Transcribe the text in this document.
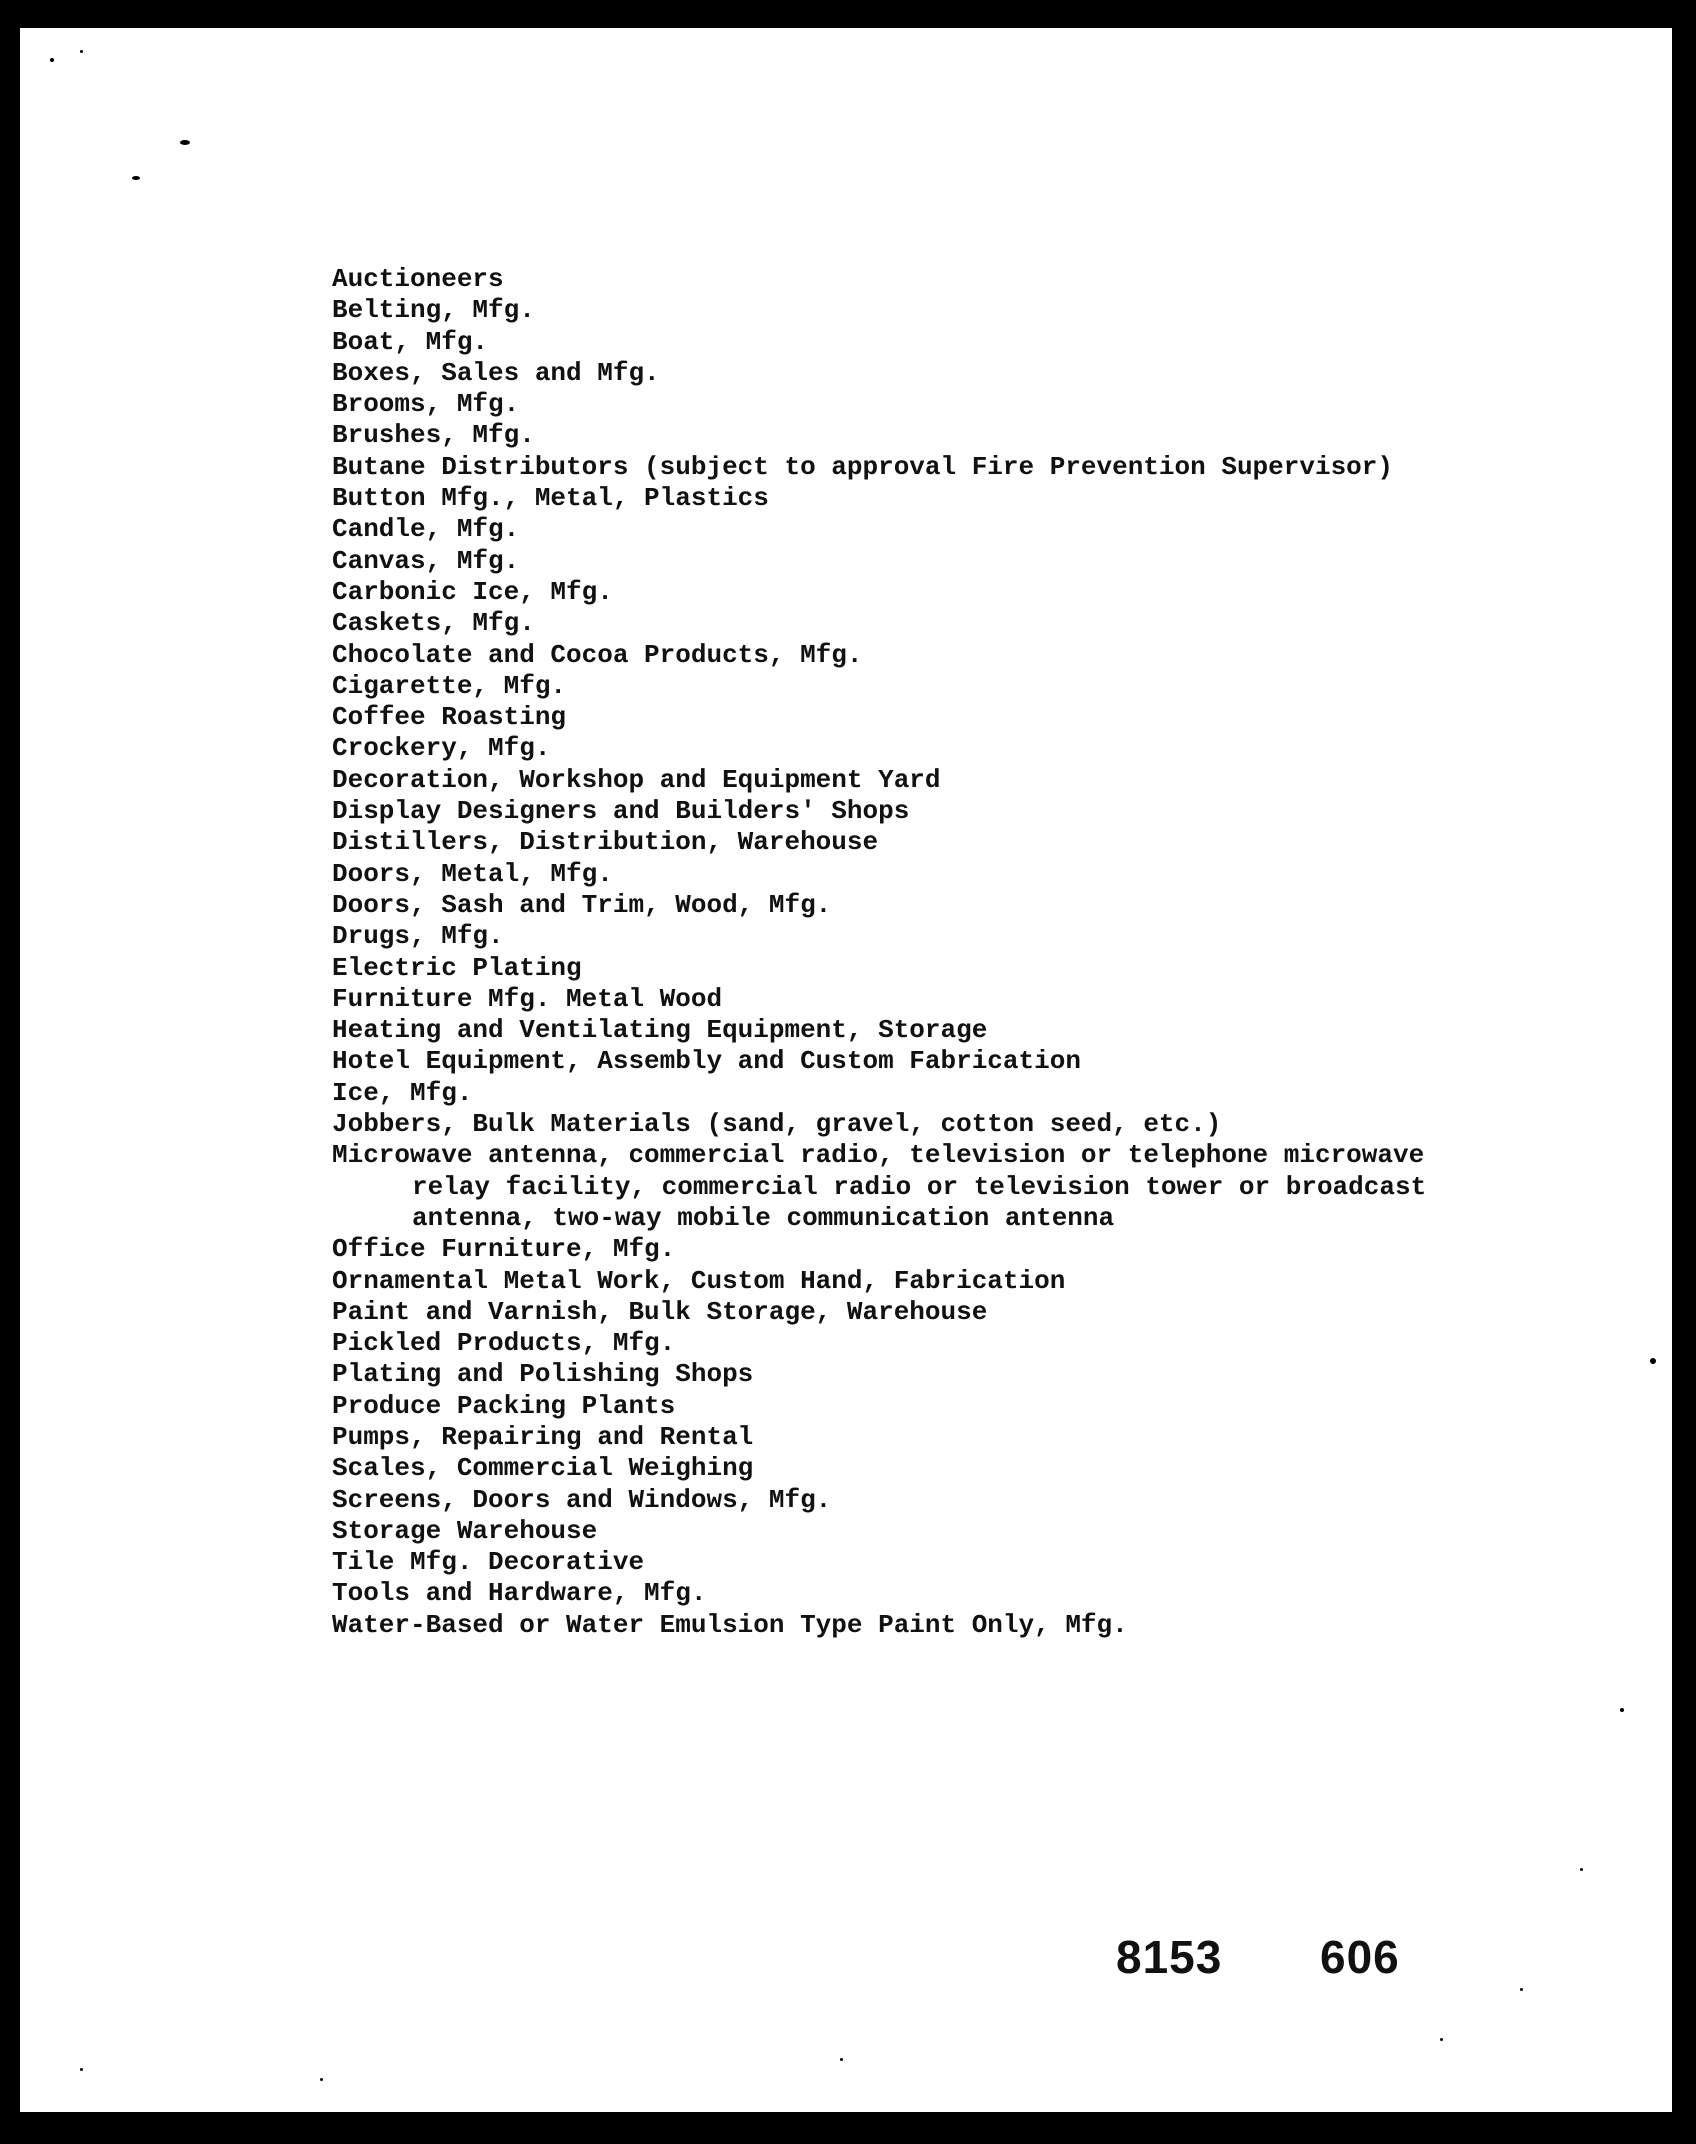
Auctioneers
Belting, Mfg.
Boat, Mfg.
Boxes, Sales and Mfg.
Brooms, Mfg.
Brushes, Mfg.
Butane Distributors (subject to approval Fire Prevention Supervisor)
Button Mfg., Metal, Plastics
Candle, Mfg.
Canvas, Mfg.
Carbonic Ice, Mfg.
Caskets, Mfg.
Chocolate and Cocoa Products, Mfg.
Cigarette, Mfg.
Coffee Roasting
Crockery, Mfg.
Decoration, Workshop and Equipment Yard
Display Designers and Builders' Shops
Distillers, Distribution, Warehouse
Doors, Metal, Mfg.
Doors, Sash and Trim, Wood, Mfg.
Drugs, Mfg.
Electric Plating
Furniture Mfg. Metal Wood
Heating and Ventilating Equipment, Storage
Hotel Equipment, Assembly and Custom Fabrication
Ice, Mfg.
Jobbers, Bulk Materials (sand, gravel, cotton seed, etc.)
Microwave antenna, commercial radio, television or telephone microwave
relay facility, commercial radio or television tower or broadcast
antenna, two-way mobile communication antenna
Office Furniture, Mfg.
Ornamental Metal Work, Custom Hand, Fabrication
Paint and Varnish, Bulk Storage, Warehouse
Pickled Products, Mfg.
Plating and Polishing Shops
Produce Packing Plants
Pumps, Repairing and Rental
Scales, Commercial Weighing
Screens, Doors and Windows, Mfg.
Storage Warehouse
Tile Mfg. Decorative
Tools and Hardware, Mfg.
Water-Based or Water Emulsion Type Paint Only, Mfg.
8153 606
